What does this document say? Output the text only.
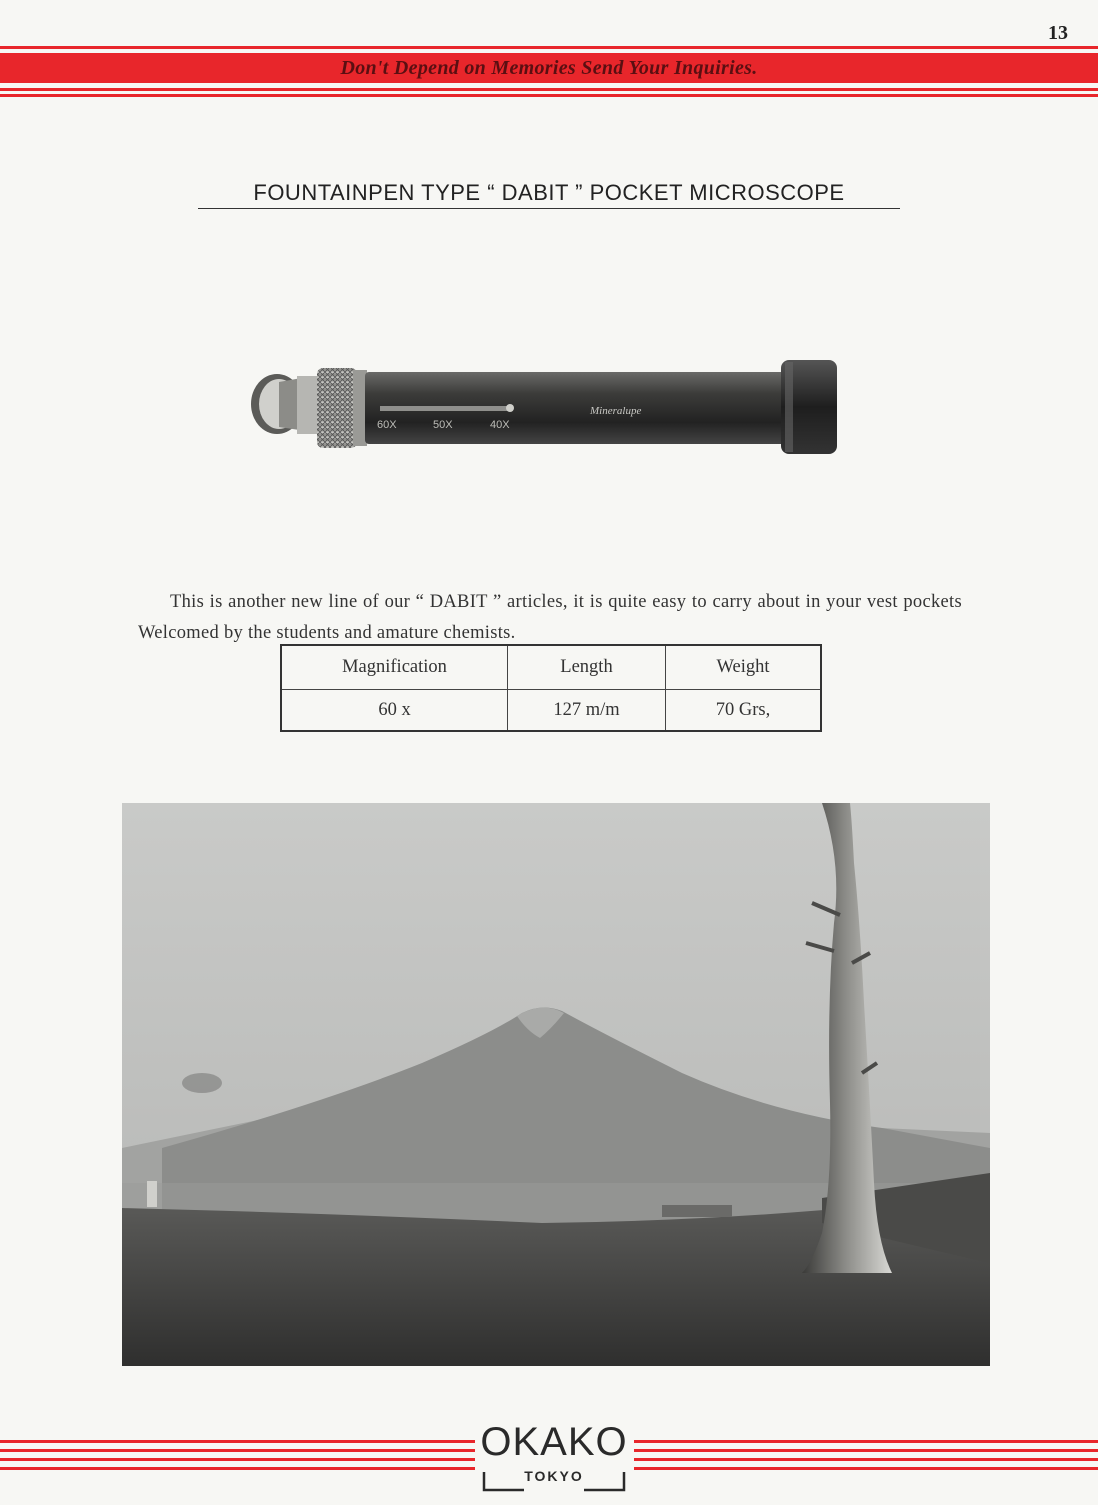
13
Don't Depend on Memories Send Your Inquiries.
FOUNTAINPEN TYPE “ DABIT ” POCKET MICROSCOPE
60X	50X	40X
Mineralupe

This is another new line of our “ DABIT ” articles, it is quite easy to carry about in your vest pockets Welcomed by the students and amature chemists.

Magnification	Length	Weight
60 x	127 m/m	70 Grs,
OKAKO
TOKYO
